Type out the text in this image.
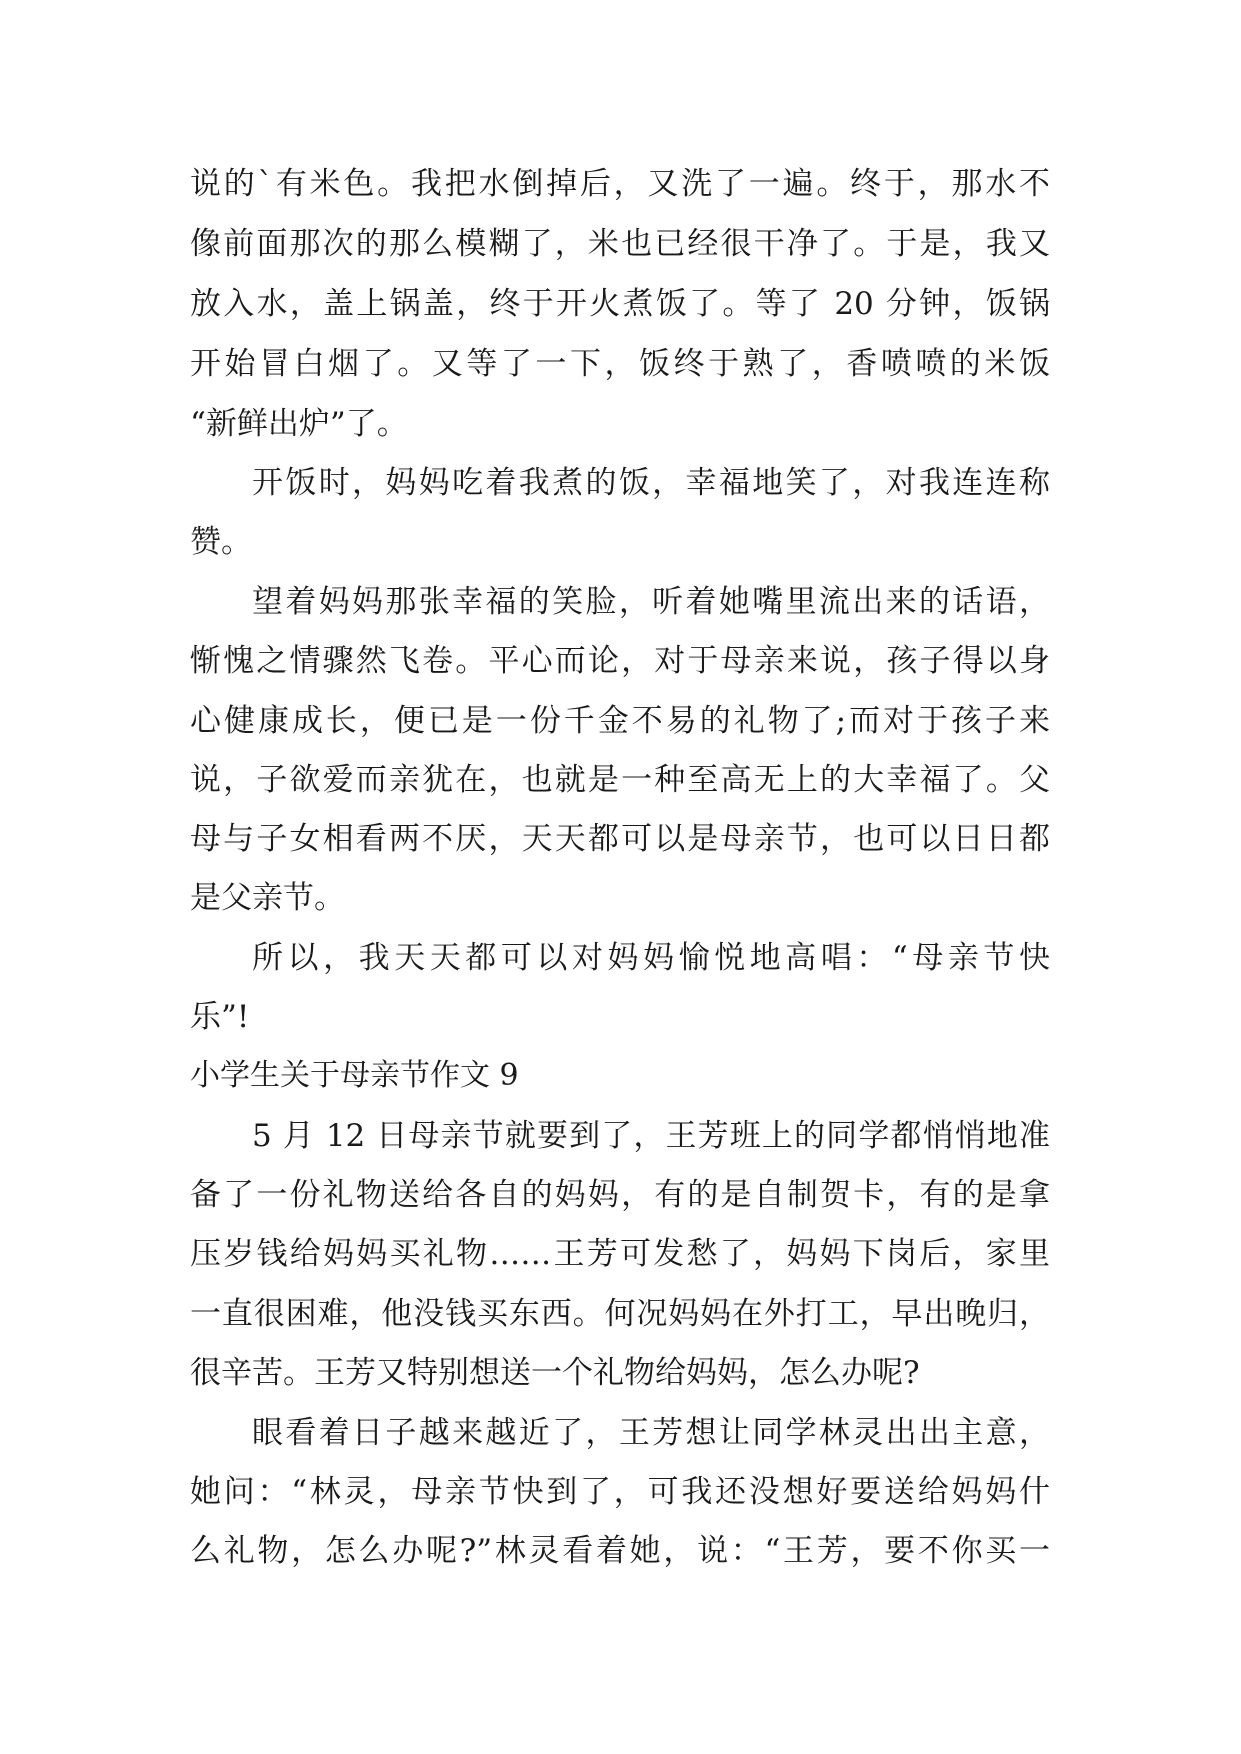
说的`有米色。我把水倒掉后，又洗了一遍。终于，那水不
像前面那次的那么模糊了，米也已经很干净了。于是，我又
放入水，盖上锅盖，终于开火煮饭了。等了 20 分钟，饭锅
开始冒白烟了。又等了一下，饭终于熟了，香喷喷的米饭
“新鲜出炉”了。
开饭时，妈妈吃着我煮的饭，幸福地笑了，对我连连称
赞。
望着妈妈那张幸福的笑脸，听着她嘴里流出来的话语，
惭愧之情骤然飞卷。平心而论，对于母亲来说，孩子得以身
心健康成长，便已是一份千金不易的礼物了;而对于孩子来
说，子欲爱而亲犹在，也就是一种至高无上的大幸福了。父
母与子女相看两不厌，天天都可以是母亲节，也可以日日都
是父亲节。
所以，我天天都可以对妈妈愉悦地高唱：“母亲节快
乐”!
小学生关于母亲节作文 9
5 月 12 日母亲节就要到了，王芳班上的同学都悄悄地准
备了一份礼物送给各自的妈妈，有的是自制贺卡，有的是拿
压岁钱给妈妈买礼物……王芳可发愁了，妈妈下岗后，家里
一直很困难，他没钱买东西。何况妈妈在外打工，早出晚归，
很辛苦。王芳又特别想送一个礼物给妈妈，怎么办呢?
眼看着日子越来越近了，王芳想让同学林灵出出主意，
她问：“林灵，母亲节快到了，可我还没想好要送给妈妈什
么礼物，怎么办呢?”林灵看着她，说：“王芳，要不你买一
